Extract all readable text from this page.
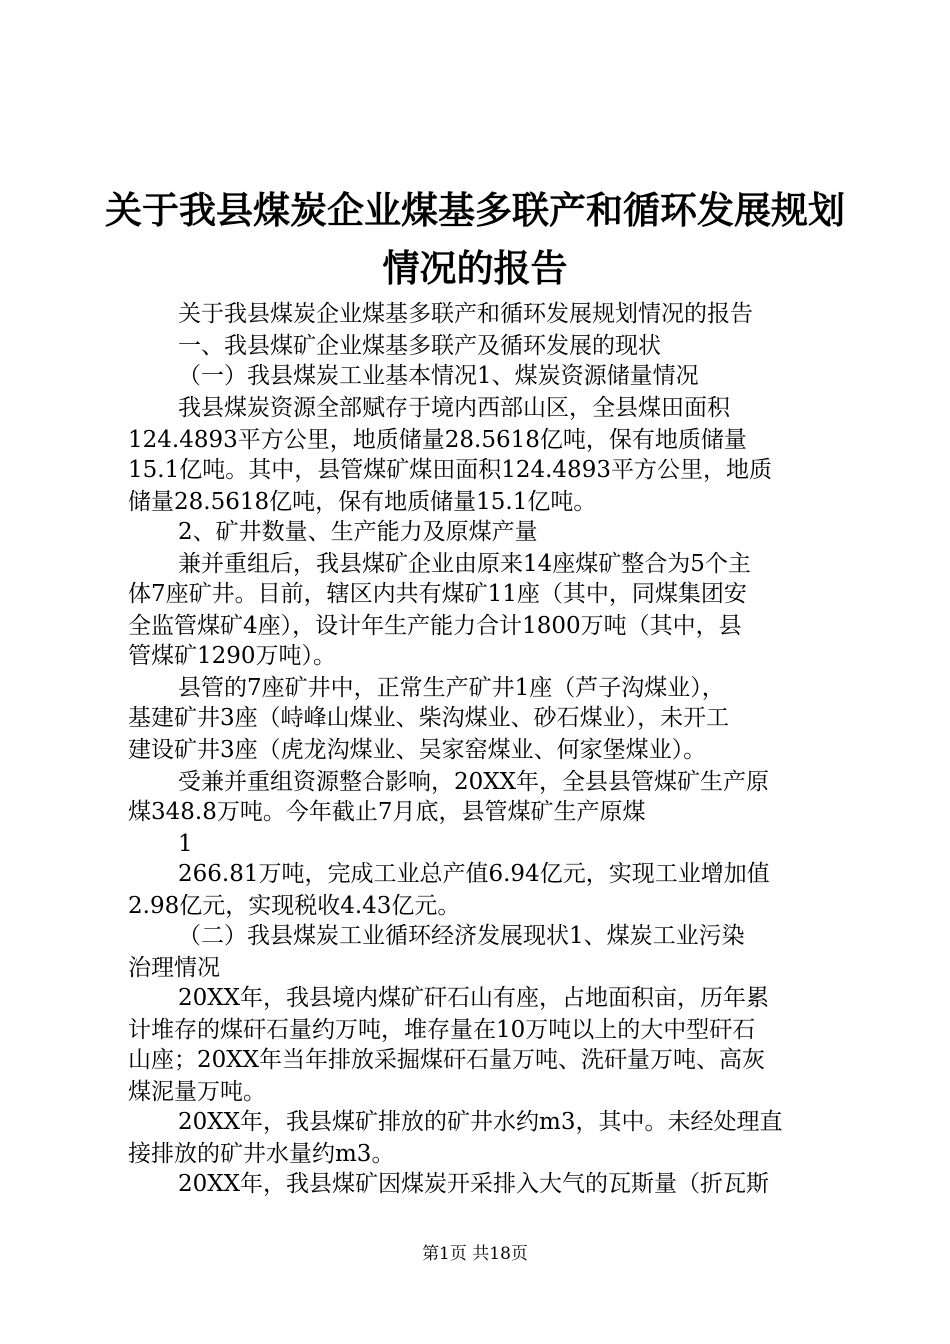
关于我县煤炭企业煤基多联产和循环发展规划
情况的报告

关于我县煤炭企业煤基多联产和循环发展规划情况的报告

一、我县煤矿企业煤基多联产及循环发展的现状

（一）我县煤炭工业基本情况1、煤炭资源储量情况

我县煤炭资源全部赋存于境内西部山区，全县煤田面积

124.4893平方公里，地质储量28.5618亿吨，保有地质储量

15.1亿吨。其中，县管煤矿煤田面积124.4893平方公里，地质

储量28.5618亿吨，保有地质储量15.1亿吨。

2、矿井数量、生产能力及原煤产量

兼并重组后，我县煤矿企业由原来14座煤矿整合为5个主

体7座矿井。目前，辖区内共有煤矿11座（其中，同煤集团安

全监管煤矿4座），设计年生产能力合计1800万吨（其中，县

管煤矿1290万吨）。

县管的7座矿井中，正常生产矿井1座（芦子沟煤业），

基建矿井3座（峙峰山煤业、柴沟煤业、砂石煤业），未开工

建设矿井3座（虎龙沟煤业、吴家窑煤业、何家堡煤业）。

受兼并重组资源整合影响，20XX年，全县县管煤矿生产原

煤348.8万吨。今年截止7月底，县管煤矿生产原煤

1

266.81万吨，完成工业总产值6.94亿元，实现工业增加值

2.98亿元，实现税收4.43亿元。

（二）我县煤炭工业循环经济发展现状1、煤炭工业污染

治理情况

20XX年，我县境内煤矿矸石山有座，占地面积亩，历年累

计堆存的煤矸石量约万吨，堆存量在10万吨以上的大中型矸石

山座；20XX年当年排放采掘煤矸石量万吨、洗矸量万吨、高灰

煤泥量万吨。

20XX年，我县煤矿排放的矿井水约m3，其中。未经处理直

接排放的矿井水量约m3。

20XX年，我县煤矿因煤炭开采排入大气的瓦斯量（折瓦斯

第1页 共18页
